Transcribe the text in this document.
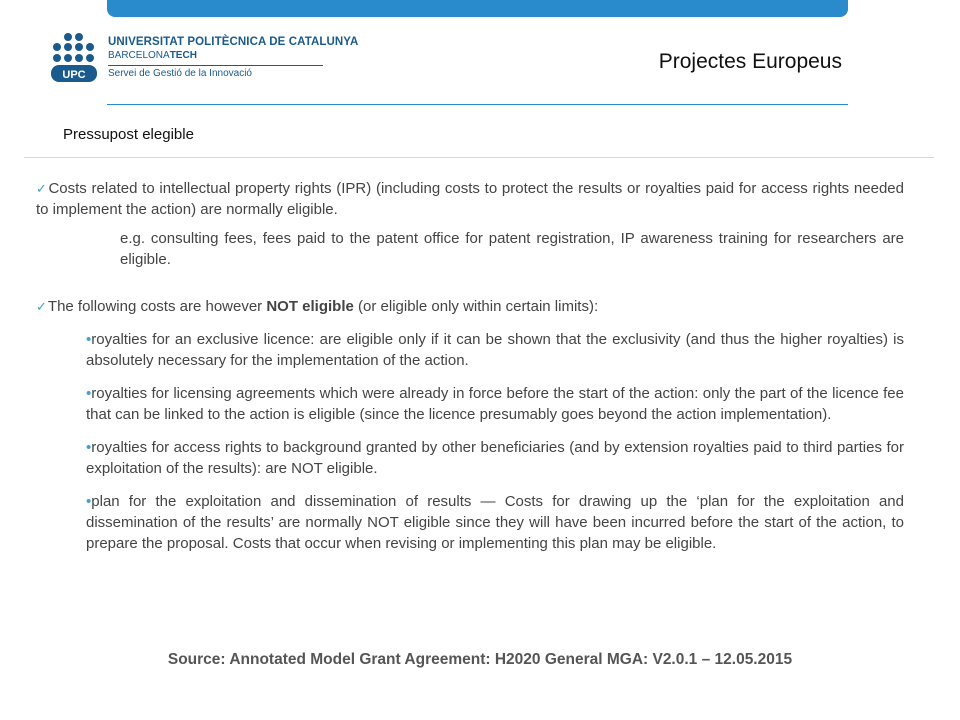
UPC
UNIVERSITAT POLITÈCNICA DE CATALUNYA
BARCELONATECH
Servei de Gestió de la Innovació
Projectes Europeus
Pressupost elegible

✓Costs related to intellectual property rights (IPR) (including costs to protect the results or royalties paid for access rights needed to implement the action) are normally eligible.

e.g. consulting fees, fees paid to the patent office for patent registration, IP awareness training for researchers are eligible.

✓The following costs are however NOT eligible (or eligible only within certain limits):

•royalties for an exclusive licence: are eligible only if it can be shown that the exclusivity (and thus the higher royalties) is absolutely necessary for the implementation of the action.

•royalties for licensing agreements which were already in force before the start of the action: only the part of the licence fee that can be linked to the action is eligible (since the licence presumably goes beyond the action implementation).

•royalties for access rights to background granted by other beneficiaries (and by extension royalties paid to third parties for exploitation of the results): are NOT eligible.

•plan for the exploitation and dissemination of results — Costs for drawing up the ‘plan for the exploitation and dissemination of the results’ are normally NOT eligible since they will have been incurred before the start of the action, to prepare the proposal. Costs that occur when revising or implementing this plan may be eligible.

Source: Annotated Model Grant Agreement: H2020 General MGA: V2.0.1 – 12.05.2015
